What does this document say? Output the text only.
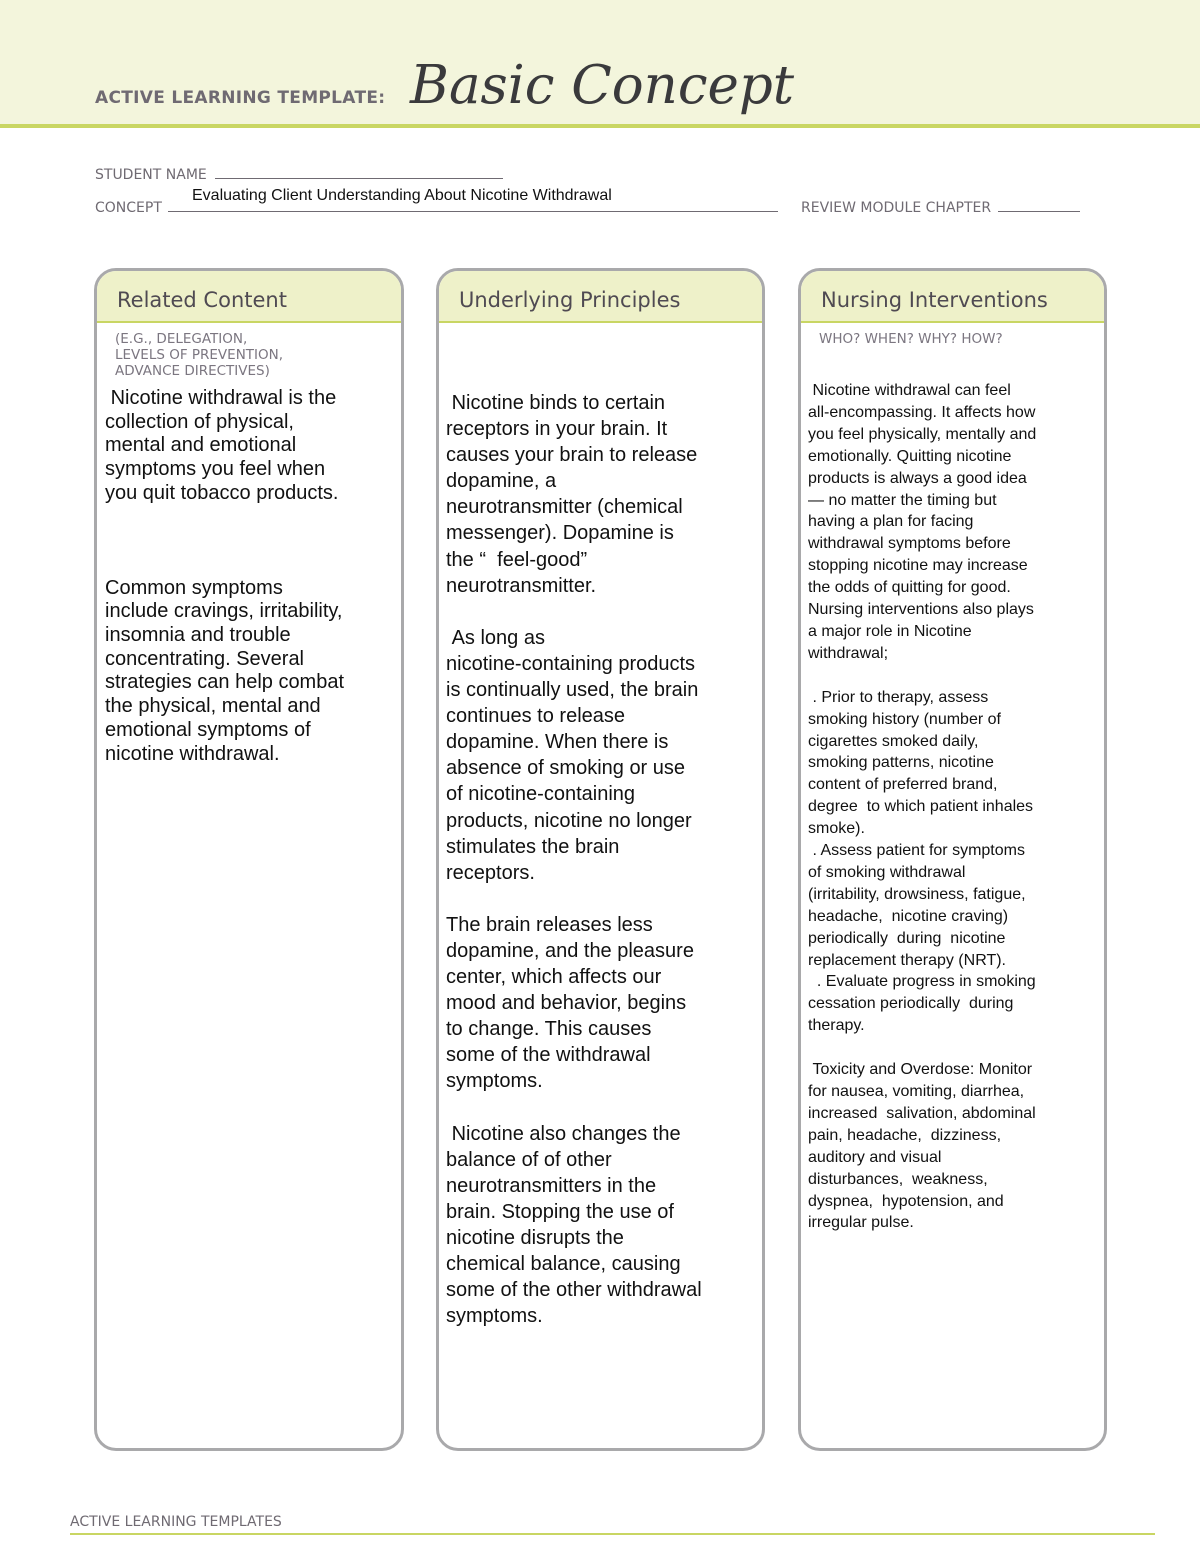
ACTIVE LEARNING TEMPLATE: Basic Concept
STUDENT NAME
CONCEPT
Evaluating Client Understanding About Nicotine Withdrawal
REVIEW MODULE CHAPTER
Related Content
(E.G., DELEGATION,
LEVELS OF PREVENTION,
ADVANCE DIRECTIVES)
Nicotine withdrawal is the
collection of physical,
mental and emotional
symptoms you feel when
you quit tobacco products.

Common symptoms
include cravings, irritability,
insomnia and trouble
concentrating. Several
strategies can help combat
the physical, mental and
emotional symptoms of
nicotine withdrawal.
Underlying Principles
Nicotine binds to certain
receptors in your brain. It
causes your brain to release
dopamine, a
neurotransmitter (chemical
messenger). Dopamine is
the “  feel-good”
neurotransmitter.

As long as
nicotine-containing products
is continually used, the brain
continues to release
dopamine. When there is
absence of smoking or use
of nicotine-containing
products, nicotine no longer
stimulates the brain
receptors.

The brain releases less
dopamine, and the pleasure
center, which affects our
mood and behavior, begins
to change. This causes
some of the withdrawal
symptoms.

Nicotine also changes the
balance of of other
neurotransmitters in the
brain. Stopping the use of
nicotine disrupts the
chemical balance, causing
some of the other withdrawal
symptoms.
Nursing Interventions
WHO? WHEN? WHY? HOW?
Nicotine withdrawal can feel
all-encompassing. It affects how
you feel physically, mentally and
emotionally. Quitting nicotine
products is always a good idea
— no matter the timing but
having a plan for facing
withdrawal symptoms before
stopping nicotine may increase
the odds of quitting for good.
Nursing interventions also plays
a major role in Nicotine
withdrawal;

. Prior to therapy, assess
smoking history (number of
cigarettes smoked daily,
smoking patterns, nicotine
content of preferred brand,
degree  to which patient inhales
smoke).
. Assess patient for symptoms
of smoking withdrawal
(irritability, drowsiness, fatigue,
headache,  nicotine craving)
periodically  during  nicotine
replacement therapy (NRT).
. Evaluate progress in smoking
cessation periodically  during
therapy.

Toxicity and Overdose: Monitor
for nausea, vomiting, diarrhea,
increased  salivation, abdominal
pain, headache,  dizziness,
auditory and visual
disturbances,  weakness,
dyspnea,  hypotension, and
irregular pulse.
ACTIVE LEARNING TEMPLATES
